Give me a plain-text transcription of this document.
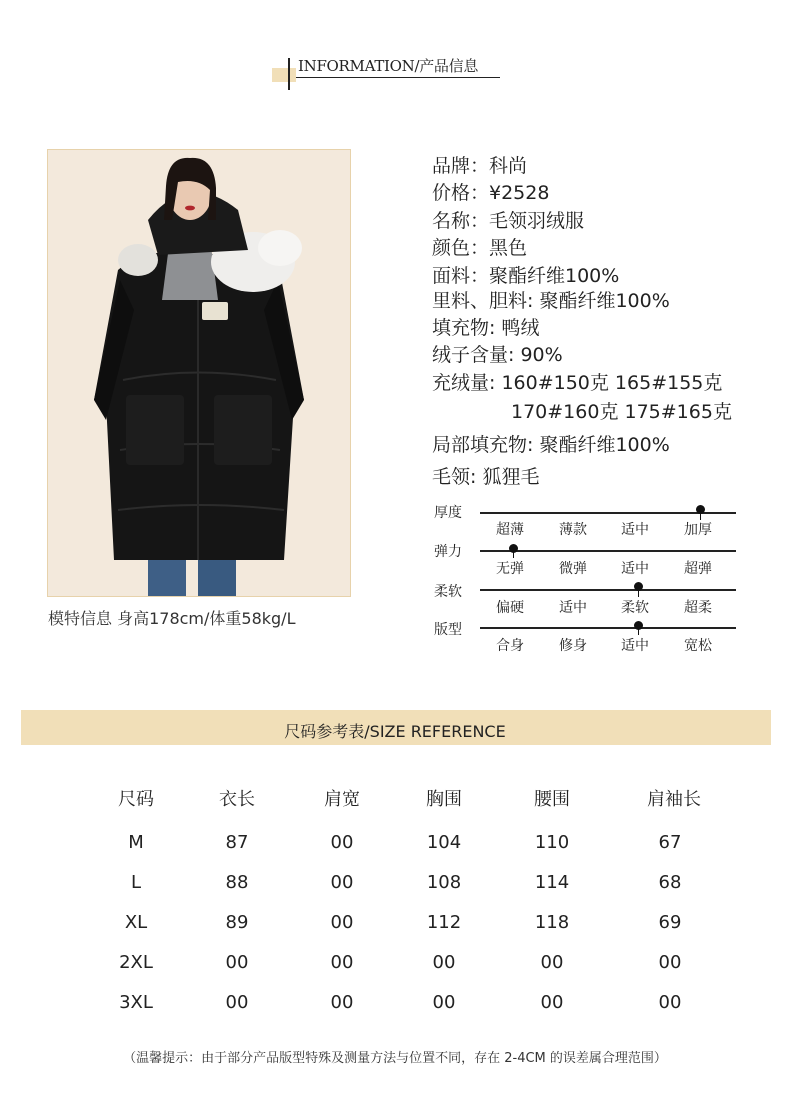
INFORMATION/产品信息
模特信息 身高178cm/体重58kg/L
品牌：科尚
价格：¥2528
名称：毛领羽绒服
颜色：黑色
面料：聚酯纤维100%
里料、胆料: 聚酯纤维100%
填充物: 鸭绒
绒子含量: 90%
充绒量: 160#150克 165#155克
170#160克 175#165克
局部填充物: 聚酯纤维100%
毛领: 狐狸毛
厚度
超薄	薄款 适中	加厚
弹力
无弹	微弹 适中	超弹
柔软
偏硬	适中 柔软	超柔
版型
合身	修身 适中	宽松
尺码参考表/SIZE REFERENCE
尺码	衣长	肩宽	胸围	腰围	肩袖长
M	87	00	104	110	67
L	88	00	108	114	68
XL	89	00	112	118	69
2XL	00	00	00	00	00
3XL	00	00	00	00	00
（温馨提示：由于部分产品版型特殊及测量方法与位置不同，存在 2-4CM 的误差属合理范围）
